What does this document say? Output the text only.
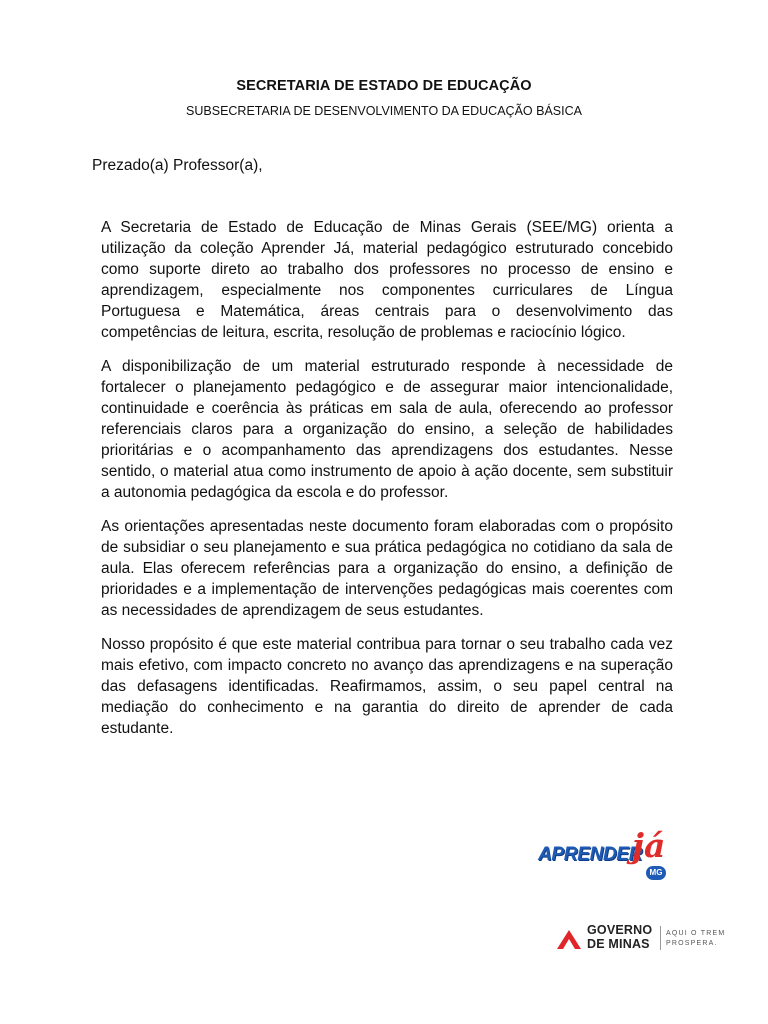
SECRETARIA DE ESTADO DE EDUCAÇÃO
SUBSECRETARIA DE DESENVOLVIMENTO DA EDUCAÇÃO BÁSICA
Prezado(a) Professor(a),

A Secretaria de Estado de Educação de Minas Gerais (SEE/MG) orienta a utilização da coleção Aprender Já, material pedagógico estruturado concebido como suporte direto ao trabalho dos professores no processo de ensino e aprendizagem, especialmente nos componentes curriculares de Língua Portuguesa e Matemática, áreas centrais para o desenvolvimento das competências de leitura, escrita, resolução de problemas e raciocínio lógico.

A disponibilização de um material estruturado responde à necessidade de fortalecer o planejamento pedagógico e de assegurar maior intencionalidade, continuidade e coerência às práticas em sala de aula, oferecendo ao professor referenciais claros para a organização do ensino, a seleção de habilidades prioritárias e o acompanhamento das aprendizagens dos estudantes. Nesse sentido, o material atua como instrumento de apoio à ação docente, sem substituir a autonomia pedagógica da escola e do professor.

As orientações apresentadas neste documento foram elaboradas com o propósito de subsidiar o seu planejamento e sua prática pedagógica no cotidiano da sala de aula. Elas oferecem referências para a organização do ensino, a definição de prioridades e a implementação de intervenções pedagógicas mais coerentes com as necessidades de aprendizagem de seus estudantes.

Nosso propósito é que este material contribua para tornar o seu trabalho cada vez mais efetivo, com impacto concreto no avanço das aprendizagens e na superação das defasagens identificadas. Reafirmamos, assim, o seu papel central na mediação do conhecimento e na garantia do direito de aprender de cada estudante.

APRENDER
já
MG
GOVERNO
DE MINAS
AQUI O TREM
PROSPERA.
